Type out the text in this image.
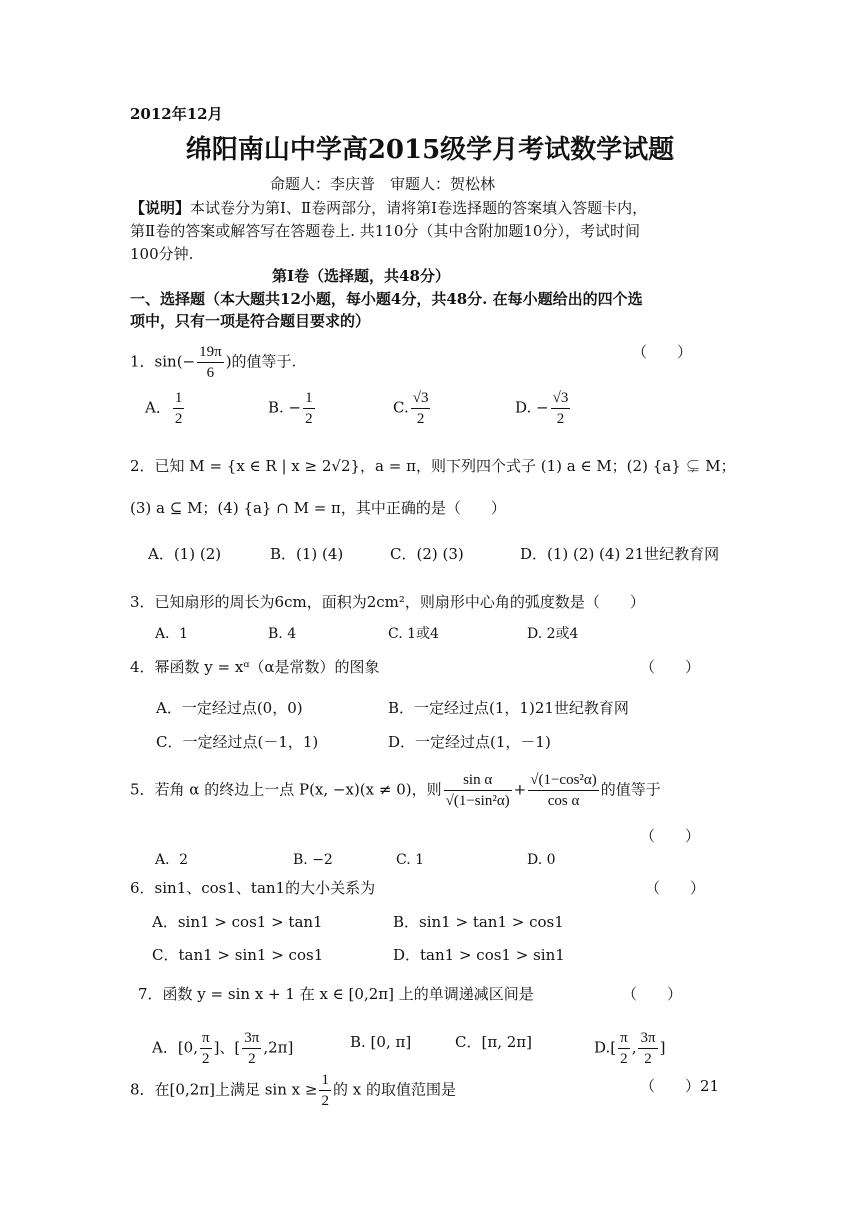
2012年12月
绵阳南山中学高2015级学月考试数学试题
命题人：李庆普　审题人：贺松林
【说明】本试卷分为第Ⅰ、Ⅱ卷两部分，请将第Ⅰ卷选择题的答案填入答题卡内，
第Ⅱ卷的答案或解答写在答题卷上. 共110分（其中含附加题10分），考试时间
100分钟.
第Ⅰ卷（选择题，共48分）
一、选择题（本大题共12小题，每小题4分，共48分. 在每小题给出的四个选
项中，只有一项是符合题目要求的）
1．$\sin(- \frac{19\pi}{6}$ )的值等于.
（　　）
A． $\frac{1}{2}$	B. − $\frac{1}{2}$	C. $\frac{√3}{2}$	D. − $\frac{√3}{2}$
2．已知 M = {x ∈ R | x ≥ 2√2}，a = π，则下列四个式子 (1) a ∈ M；(2) {a} ⊊ M；
(3) a ⊆ M；(4) {a} ∩ M = π，其中正确的是（　　）
A．(1) (2)	B．(1) (4)	C．(2) (3)	D．(1) (2) (4) 21世纪教育网
3．已知扇形的周长为6cm，面积为2cm²，则扇形中心角的弧度数是（　　）
A．1	B. 4	C. 1或4	D. 2或4
4．幂函数 y = xᵅ（α是常数）的图象	（　　）
A．一定经过点(0，0)	B．一定经过点(1，1)21世纪教育网
C．一定经过点(－1，1)	D．一定经过点(1，－1)
5．若角 α 的终边上一点 P(x, −x)(x ≠ 0)，则 $\frac{\text{sin α}}{\text{√(1−sin²α)}} + \frac{\text{√(1−cos²α)}}{\text{cos α}}$ 的值等于
（　　）
A．2	B. −2	C. 1	D. 0
6．sin1、cos1、tan1的大小关系为	（　　）
A．sin1 > cos1 > tan1	B．sin1 > tan1 > cos1
C．tan1 > sin1 > cos1	D．tan1 > cos1 > sin1
7．函数 y = sin x + 1 在 x ∈ [0,2π] 上的单调递减区间是	（　　）
A．[0, $\frac{\pi}{2}$ ]、[ $\frac{3\pi}{2} ,2\pi$]	B. [0, π]	C．[π, 2π]	$D.[ \frac{\pi}{2}$ , $\frac{3\pi}{2}$ ]
8．在[0,2π]上满足 $\sin x \ge \frac{1}{2}$ 的 x 的取值范围是	（　　）21
